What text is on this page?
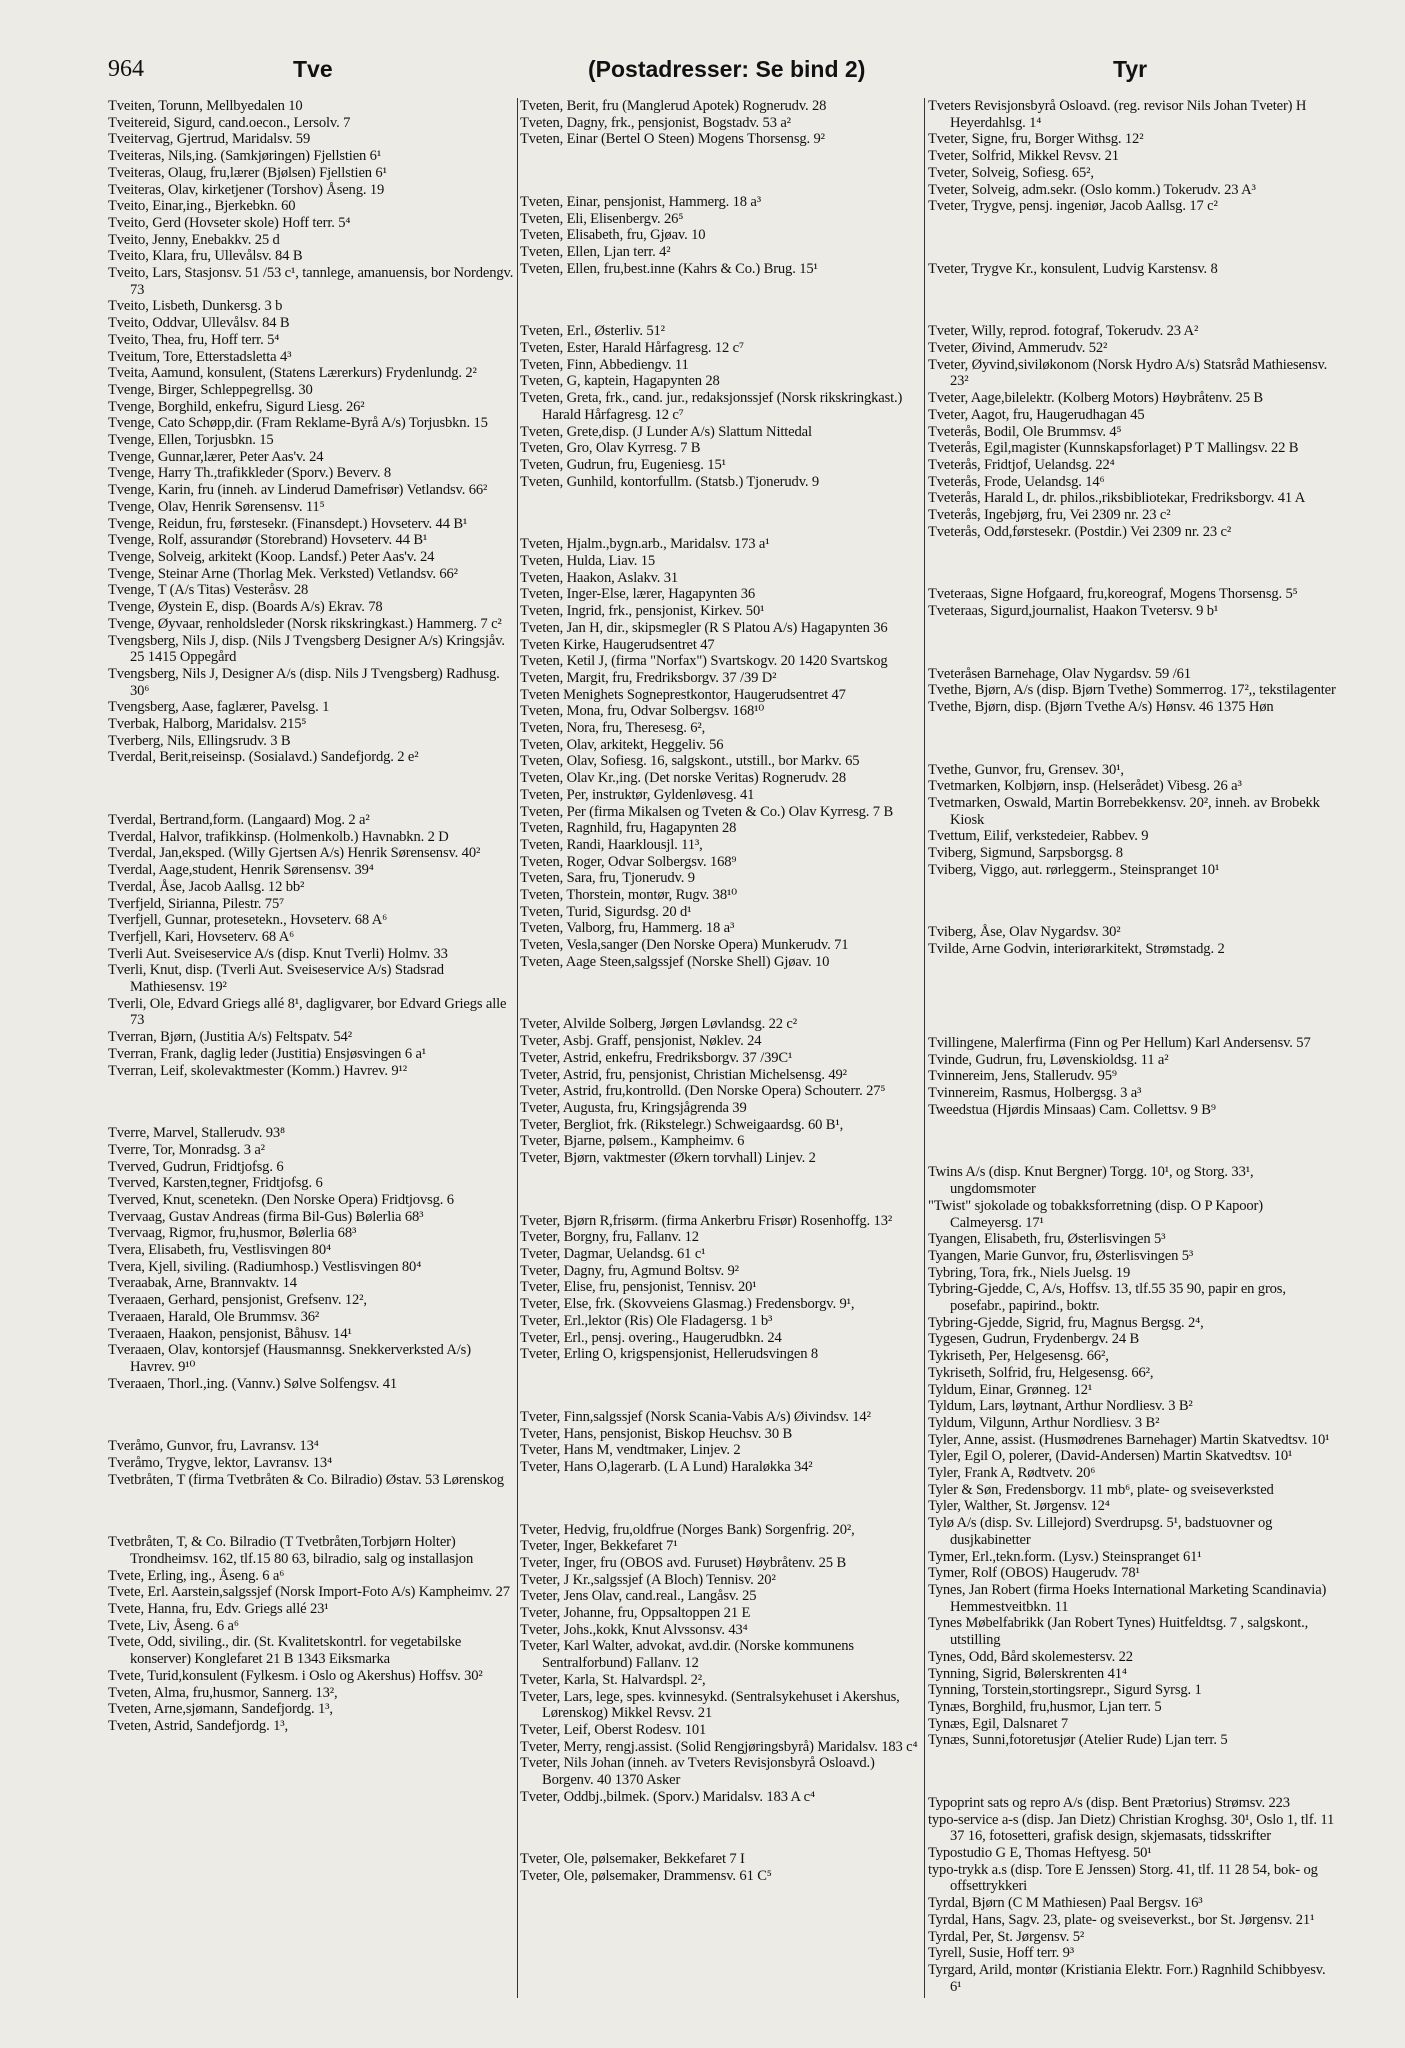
964	Tve	(Postadresser: Se bind 2)	Tyr

Tveiten, Torunn, Mellbyedalen 10

Tveitereid, Sigurd, cand.oecon., Lersolv. 7

Tveitervag, Gjertrud, Maridalsv. 59

Tveiteras, Nils,ing. (Samkjøringen) Fjellstien 6¹

Tveiteras, Olaug, fru,lærer (Bjølsen) Fjellstien 6¹

Tveiteras, Olav, kirketjener (Torshov) Åseng. 19

Tveito, Einar,ing., Bjerkebkn. 60

Tveito, Gerd (Hovseter skole) Hoff terr. 5⁴

Tveito, Jenny, Enebakkv. 25 d

Tveito, Klara, fru, Ullevålsv. 84 B

Tveito, Lars, Stasjonsv. 51 /53 c¹, tannlege, amanuensis, bor Nordengv. 73

Tveito, Lisbeth, Dunkersg. 3 b

Tveito, Oddvar, Ullevålsv. 84 B

Tveito, Thea, fru, Hoff terr. 5⁴

Tveitum, Tore, Etterstadsletta 4³

Tveita, Aamund, konsulent, (Statens Lærerkurs) Frydenlundg. 2²

Tvenge, Birger, Schleppegrellsg. 30

Tvenge, Borghild, enkefru, Sigurd Liesg. 26²

Tvenge, Cato Schøpp,dir. (Fram Reklame-Byrå A/s) Torjusbkn. 15

Tvenge, Ellen, Torjusbkn. 15

Tvenge, Gunnar,lærer, Peter Aas'v. 24

Tvenge, Harry Th.,trafikkleder (Sporv.) Beverv. 8

Tvenge, Karin, fru (inneh. av Linderud Damefrisør) Vetlandsv. 66²

Tvenge, Olav, Henrik Sørensensv. 11⁵

Tvenge, Reidun, fru, førstesekr. (Finansdept.) Hovseterv. 44 B¹

Tvenge, Rolf, assurandør (Storebrand) Hovseterv. 44 B¹

Tvenge, Solveig, arkitekt (Koop. Landsf.) Peter Aas'v. 24

Tvenge, Steinar Arne (Thorlag Mek. Verksted) Vetlandsv. 66²

Tvenge, T (A/s Titas) Vesteråsv. 28

Tvenge, Øystein E, disp. (Boards A/s) Ekrav. 78

Tvenge, Øyvaar, renholdsleder (Norsk rikskringkast.) Hammerg. 7 c²

Tvengsberg, Nils J, disp. (Nils J Tvengsberg Designer A/s) Kringsjåv. 25 1415 Oppegård

Tvengsberg, Nils J, Designer A/s (disp. Nils J Tvengsberg) Radhusg. 30⁶

Tvengsberg, Aase, faglærer, Pavelsg. 1

Tverbak, Halborg, Maridalsv. 215⁵

Tverberg, Nils, Ellingsrudv. 3 B

Tverdal, Berit,reiseinsp. (Sosialavd.) Sandefjordg. 2 e²

Tverdal, Bertrand,form. (Langaard) Mog. 2 a²

Tverdal, Halvor, trafikkinsp. (Holmenkolb.) Havnabkn. 2 D

Tverdal, Jan,eksped. (Willy Gjertsen A/s) Henrik Sørensensv. 40²

Tverdal, Aage,student, Henrik Sørensensv. 39⁴

Tverdal, Åse, Jacob Aallsg. 12 bb²

Tverfjeld, Sirianna, Pilestr. 75⁷

Tverfjell, Gunnar, protesetekn., Hovseterv. 68 A⁶

Tverfjell, Kari, Hovseterv. 68 A⁶

Tverli Aut. Sveiseservice A/s (disp. Knut Tverli) Holmv. 33

Tverli, Knut, disp. (Tverli Aut. Sveiseservice A/s) Stadsrad Mathiesensv. 19²

Tverli, Ole, Edvard Griegs allé 8¹, dagligvarer, bor Edvard Griegs alle 73

Tverran, Bjørn, (Justitia A/s) Feltspatv. 54²

Tverran, Frank, daglig leder (Justitia) Ensjøsvingen 6 a¹

Tverran, Leif, skolevaktmester (Komm.) Havrev. 9¹²

Tverre, Marvel, Stallerudv. 93⁸

Tverre, Tor, Monradsg. 3 a²

Tverved, Gudrun, Fridtjofsg. 6

Tverved, Karsten,tegner, Fridtjofsg. 6

Tverved, Knut, scenetekn. (Den Norske Opera) Fridtjovsg. 6

Tvervaag, Gustav Andreas (firma Bil-Gus) Bølerlia 68³

Tvervaag, Rigmor, fru,husmor, Bølerlia 68³

Tvera, Elisabeth, fru, Vestlisvingen 80⁴

Tvera, Kjell, siviling. (Radiumhosp.) Vestlisvingen 80⁴

Tveraabak, Arne, Brannvaktv. 14

Tveraaen, Gerhard, pensjonist, Grefsenv. 12²,

Tveraaen, Harald, Ole Brummsv. 36²

Tveraaen, Haakon, pensjonist, Båhusv. 14¹

Tveraaen, Olav, kontorsjef (Hausmannsg. Snekkerverksted A/s) Havrev. 9¹⁰

Tveraaen, Thorl.,ing. (Vannv.) Sølve Solfengsv. 41

Tveråmo, Gunvor, fru, Lavransv. 13⁴

Tveråmo, Trygve, lektor, Lavransv. 13⁴

Tvetbråten, T (firma Tvetbråten & Co. Bilradio) Østav. 53 Lørenskog

Tvetbråten, T, & Co. Bilradio (T Tvetbråten,Torbjørn Holter) Trondheimsv. 162, tlf.15 80 63, bilradio, salg og installasjon

Tvete, Erling, ing., Åseng. 6 a⁶

Tvete, Erl. Aarstein,salgssjef (Norsk Import-Foto A/s) Kampheimv. 27

Tvete, Hanna, fru, Edv. Griegs allé 23¹

Tvete, Liv, Åseng. 6 a⁶

Tvete, Odd, siviling., dir. (St. Kvalitetskontrl. for vegetabilske konserver) Konglefaret 21 B 1343 Eiksmarka

Tvete, Turid,konsulent (Fylkesm. i Oslo og Akershus) Hoffsv. 30²

Tveten, Alma, fru,husmor, Sannerg. 13²,

Tveten, Arne,sjømann, Sandefjordg. 1³,

Tveten, Astrid, Sandefjordg. 1³,

Tveten, Berit, fru (Manglerud Apotek) Rognerudv. 28

Tveten, Dagny, frk., pensjonist, Bogstadv. 53 a²

Tveten, Einar (Bertel O Steen) Mogens Thorsensg. 9²

Tveten, Einar, pensjonist, Hammerg. 18 a³

Tveten, Eli, Elisenbergv. 26⁵

Tveten, Elisabeth, fru, Gjøav. 10

Tveten, Ellen, Ljan terr. 4²

Tveten, Ellen, fru,best.inne (Kahrs & Co.) Brug. 15¹

Tveten, Erl., Østerliv. 51²

Tveten, Ester, Harald Hårfagresg. 12 c⁷

Tveten, Finn, Abbediengv. 11

Tveten, G, kaptein, Hagapynten 28

Tveten, Greta, frk., cand. jur., redaksjonssjef (Norsk rikskringkast.) Harald Hårfagresg. 12 c⁷

Tveten, Grete,disp. (J Lunder A/s) Slattum Nittedal

Tveten, Gro, Olav Kyrresg. 7 B

Tveten, Gudrun, fru, Eugeniesg. 15¹

Tveten, Gunhild, kontorfullm. (Statsb.) Tjonerudv. 9

Tveten, Hjalm.,bygn.arb., Maridalsv. 173 a¹

Tveten, Hulda, Liav. 15

Tveten, Haakon, Aslakv. 31

Tveten, Inger-Else, lærer, Hagapynten 36

Tveten, Ingrid, frk., pensjonist, Kirkev. 50¹

Tveten, Jan H, dir., skipsmegler (R S Platou A/s) Hagapynten 36

Tveten Kirke, Haugerudsentret 47

Tveten, Ketil J, (firma "Norfax") Svartskogv. 20 1420 Svartskog

Tveten, Margit, fru, Fredriksborgv. 37 /39 D²

Tveten Menighets Sogneprestkontor, Haugerudsentret 47

Tveten, Mona, fru, Odvar Solbergsv. 168¹⁰

Tveten, Nora, fru, Theresesg. 6²,

Tveten, Olav, arkitekt, Heggeliv. 56

Tveten, Olav, Sofiesg. 16, salgskont., utstill., bor Markv. 65

Tveten, Olav Kr.,ing. (Det norske Veritas) Rognerudv. 28

Tveten, Per, instruktør, Gyldenløvesg. 41

Tveten, Per (firma Mikalsen og Tveten & Co.) Olav Kyrresg. 7 B

Tveten, Ragnhild, fru, Hagapynten 28

Tveten, Randi, Haarklousjl. 11³,

Tveten, Roger, Odvar Solbergsv. 168⁹

Tveten, Sara, fru, Tjonerudv. 9

Tveten, Thorstein, montør, Rugv. 38¹⁰

Tveten, Turid, Sigurdsg. 20 d¹

Tveten, Valborg, fru, Hammerg. 18 a³

Tveten, Vesla,sanger (Den Norske Opera) Munkerudv. 71

Tveten, Aage Steen,salgssjef (Norske Shell) Gjøav. 10

Tveter, Alvilde Solberg, Jørgen Løvlandsg. 22 c²

Tveter, Asbj. Graff, pensjonist, Nøklev. 24

Tveter, Astrid, enkefru, Fredriksborgv. 37 /39C¹

Tveter, Astrid, fru, pensjonist, Christian Michelsensg. 49²

Tveter, Astrid, fru,kontrolld. (Den Norske Opera) Schouterr. 27⁵

Tveter, Augusta, fru, Kringsjågrenda 39

Tveter, Bergliot, frk. (Rikstelegr.) Schweigaardsg. 60 B¹,

Tveter, Bjarne, pølsem., Kampheimv. 6

Tveter, Bjørn, vaktmester (Økern torvhall) Linjev. 2

Tveter, Bjørn R,frisørm. (firma Ankerbru Frisør) Rosenhoffg. 13²

Tveter, Borgny, fru, Fallanv. 12

Tveter, Dagmar, Uelandsg. 61 c¹

Tveter, Dagny, fru, Agmund Boltsv. 9²

Tveter, Elise, fru, pensjonist, Tennisv. 20¹

Tveter, Else, frk. (Skovveiens Glasmag.) Fredensborgv. 9¹,

Tveter, Erl.,lektor (Ris) Ole Fladagersg. 1 b³

Tveter, Erl., pensj. overing., Haugerudbkn. 24

Tveter, Erling O, krigspensjonist, Hellerudsvingen 8

Tveter, Finn,salgssjef (Norsk Scania-Vabis A/s) Øivindsv. 14²

Tveter, Hans, pensjonist, Biskop Heuchsv. 30 B

Tveter, Hans M, vendtmaker, Linjev. 2

Tveter, Hans O,lagerarb. (L A Lund) Haraløkka 34²

Tveter, Hedvig, fru,oldfrue (Norges Bank) Sorgenfrig. 20²,

Tveter, Inger, Bekkefaret 7¹

Tveter, Inger, fru (OBOS avd. Furuset) Høybråtenv. 25 B

Tveter, J Kr.,salgssjef (A Bloch) Tennisv. 20²

Tveter, Jens Olav, cand.real., Langåsv. 25

Tveter, Johanne, fru, Oppsaltoppen 21 E

Tveter, Johs.,kokk, Knut Alvssonsv. 43⁴

Tveter, Karl Walter, advokat, avd.dir. (Norske kommunens Sentralforbund) Fallanv. 12

Tveter, Karla, St. Halvardspl. 2²,

Tveter, Lars, lege, spes. kvinnesykd. (Sentralsykehuset i Akershus, Lørenskog) Mikkel Revsv. 21

Tveter, Leif, Oberst Rodesv. 101

Tveter, Merry, rengj.assist. (Solid Rengjøringsbyrå) Maridalsv. 183 c⁴

Tveter, Nils Johan (inneh. av Tveters Revisjonsbyrå Osloavd.) Borgenv. 40 1370 Asker

Tveter, Oddbj.,bilmek. (Sporv.) Maridalsv. 183 A c⁴

Tveter, Ole, pølsemaker, Bekkefaret 7 I

Tveter, Ole, pølsemaker, Drammensv. 61 C⁵

Tveters Revisjonsbyrå Osloavd. (reg. revisor Nils Johan Tveter) H Heyerdahlsg. 1⁴

Tveter, Signe, fru, Borger Withsg. 12²

Tveter, Solfrid, Mikkel Revsv. 21

Tveter, Solveig, Sofiesg. 65²,

Tveter, Solveig, adm.sekr. (Oslo komm.) Tokerudv. 23 A³

Tveter, Trygve, pensj. ingeniør, Jacob Aallsg. 17 c²

Tveter, Trygve Kr., konsulent, Ludvig Karstensv. 8

Tveter, Willy, reprod. fotograf, Tokerudv. 23 A²

Tveter, Øivind, Ammerudv. 52²

Tveter, Øyvind,siviløkonom (Norsk Hydro A/s) Statsråd Mathiesensv. 23²

Tveter, Aage,bilelektr. (Kolberg Motors) Høybråtenv. 25 B

Tveter, Aagot, fru, Haugerudhagan 45

Tveterås, Bodil, Ole Brummsv. 4⁵

Tveterås, Egil,magister (Kunnskapsforlaget) P T Mallingsv. 22 B

Tveterås, Fridtjof, Uelandsg. 22⁴

Tveterås, Frode, Uelandsg. 14⁶

Tveterås, Harald L, dr. philos.,riksbibliotekar, Fredriksborgv. 41 A

Tveterås, Ingebjørg, fru, Vei 2309 nr. 23 c²

Tveterås, Odd,førstesekr. (Postdir.) Vei 2309 nr. 23 c²

Tveteraas, Signe Hofgaard, fru,koreograf, Mogens Thorsensg. 5⁵

Tveteraas, Sigurd,journalist, Haakon Tvetersv. 9 b¹

Tveteråsen Barnehage, Olav Nygardsv. 59 /61

Tvethe, Bjørn, A/s (disp. Bjørn Tvethe) Sommerrog. 17²,, tekstilagenter

Tvethe, Bjørn, disp. (Bjørn Tvethe A/s) Hønsv. 46 1375 Høn

Tvethe, Gunvor, fru, Grensev. 30¹,

Tvetmarken, Kolbjørn, insp. (Helserådet) Vibesg. 26 a³

Tvetmarken, Oswald, Martin Borrebekkensv. 20², inneh. av Brobekk Kiosk

Tvettum, Eilif, verkstedeier, Rabbev. 9

Tviberg, Sigmund, Sarpsborgsg. 8

Tviberg, Viggo, aut. rørleggerm., Steinspranget 10¹

Tviberg, Åse, Olav Nygardsv. 30²

Tvilde, Arne Godvin, interiørarkitekt, Strømstadg. 2

Tvillingene, Malerfirma (Finn og Per Hellum) Karl Andersensv. 57

Tvinde, Gudrun, fru, Løvenskioldsg. 11 a²

Tvinnereim, Jens, Stallerudv. 95⁹

Tvinnereim, Rasmus, Holbergsg. 3 a³

Tweedstua (Hjørdis Minsaas) Cam. Collettsv. 9 B⁹

Twins A/s (disp. Knut Bergner) Torgg. 10¹, og Storg. 33¹, ungdomsmoter

"Twist" sjokolade og tobakksforretning (disp. O P Kapoor) Calmeyersg. 17¹

Tyangen, Elisabeth, fru, Østerlisvingen 5³

Tyangen, Marie Gunvor, fru, Østerlisvingen 5³

Tybring, Tora, frk., Niels Juelsg. 19

Tybring-Gjedde, C, A/s, Hoffsv. 13, tlf.55 35 90, papir en gros, posefabr., papirind., boktr.

Tybring-Gjedde, Sigrid, fru, Magnus Bergsg. 2⁴,

Tygesen, Gudrun, Frydenbergv. 24 B

Tykriseth, Per, Helgesensg. 66²,

Tykriseth, Solfrid, fru, Helgesensg. 66²,

Tyldum, Einar, Grønneg. 12¹

Tyldum, Lars, løytnant, Arthur Nordliesv. 3 B²

Tyldum, Vilgunn, Arthur Nordliesv. 3 B²

Tyler, Anne, assist. (Husmødrenes Barnehager) Martin Skatvedtsv. 10¹

Tyler, Egil O, polerer, (David-Andersen) Martin Skatvedtsv. 10¹

Tyler, Frank A, Rødtvetv. 20⁶

Tyler & Søn, Fredensborgv. 11 mb⁶, plate- og sveiseverksted

Tyler, Walther, St. Jørgensv. 12⁴

Tylø A/s (disp. Sv. Lillejord) Sverdrupsg. 5¹, badstuovner og dusjkabinetter

Tymer, Erl.,tekn.form. (Lysv.) Steinspranget 61¹

Tymer, Rolf (OBOS) Haugerudv. 78¹

Tynes, Jan Robert (firma Hoeks International Marketing Scandinavia) Hemmestveitbkn. 11

Tynes Møbelfabrikk (Jan Robert Tynes) Huitfeldtsg. 7 , salgskont., utstilling

Tynes, Odd, Bård skolemestersv. 22

Tynning, Sigrid, Bølerskrenten 41⁴

Tynning, Torstein,stortingsrepr., Sigurd Syrsg. 1

Tynæs, Borghild, fru,husmor, Ljan terr. 5

Tynæs, Egil, Dalsnaret 7

Tynæs, Sunni,fotoretusjør (Atelier Rude) Ljan terr. 5

Typoprint sats og repro A/s (disp. Bent Prætorius) Strømsv. 223

typo-service a-s (disp. Jan Dietz) Christian Kroghsg. 30¹, Oslo 1, tlf. 11 37 16, fotosetteri, grafisk design, skjemasats, tidsskrifter

Typostudio G E, Thomas Heftyesg. 50¹

typo-trykk a.s (disp. Tore E Jenssen) Storg. 41, tlf. 11 28 54, bok- og offsettrykkeri

Tyrdal, Bjørn (C M Mathiesen) Paal Bergsv. 16³

Tyrdal, Hans, Sagv. 23, plate- og sveiseverkst., bor St. Jørgensv. 21¹

Tyrdal, Per, St. Jørgensv. 5²

Tyrell, Susie, Hoff terr. 9³

Tyrgard, Arild, montør (Kristiania Elektr. Forr.) Ragnhild Schibbyesv. 6¹
